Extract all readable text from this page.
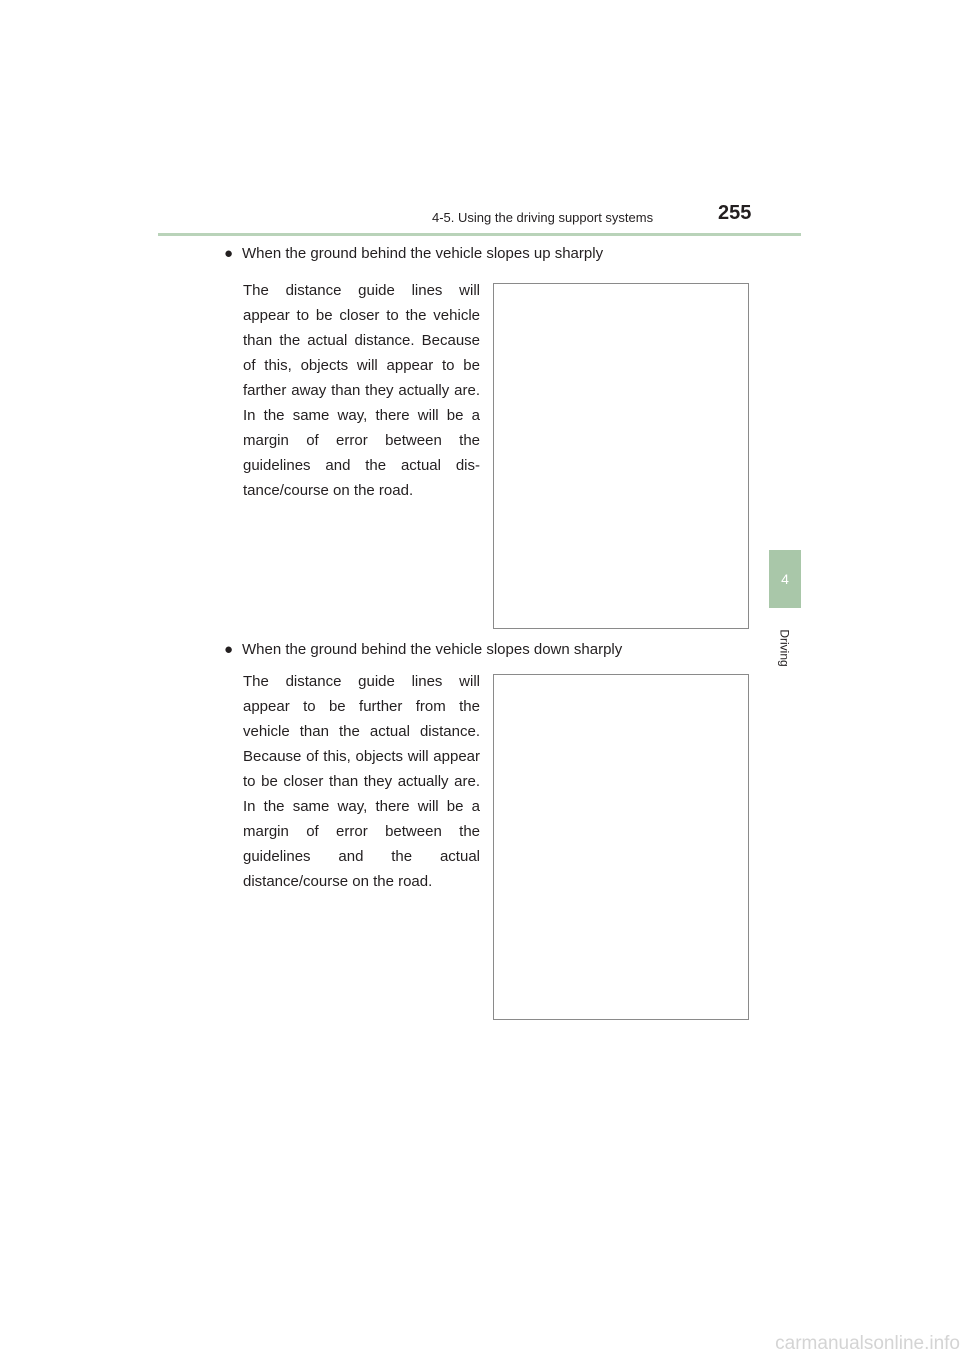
4-5. Using the driving support systems	255
4
Driving
● When the ground behind the vehicle slopes up sharply
The distance guide lines will appear to be closer to the vehicle than the actual distance. Because of this, objects will appear to be farther away than they actually are. In the same way, there will be a margin of error between the guidelines and the actual distance/course on the road.
● When the ground behind the vehicle slopes down sharply
The distance guide lines will appear to be further from the vehicle than the actual distance. Because of this, objects will appear to be closer than they actually are. In the same way, there will be a margin of error between the guidelines and the actual distance/course on the road.
carmanualsonline.info
